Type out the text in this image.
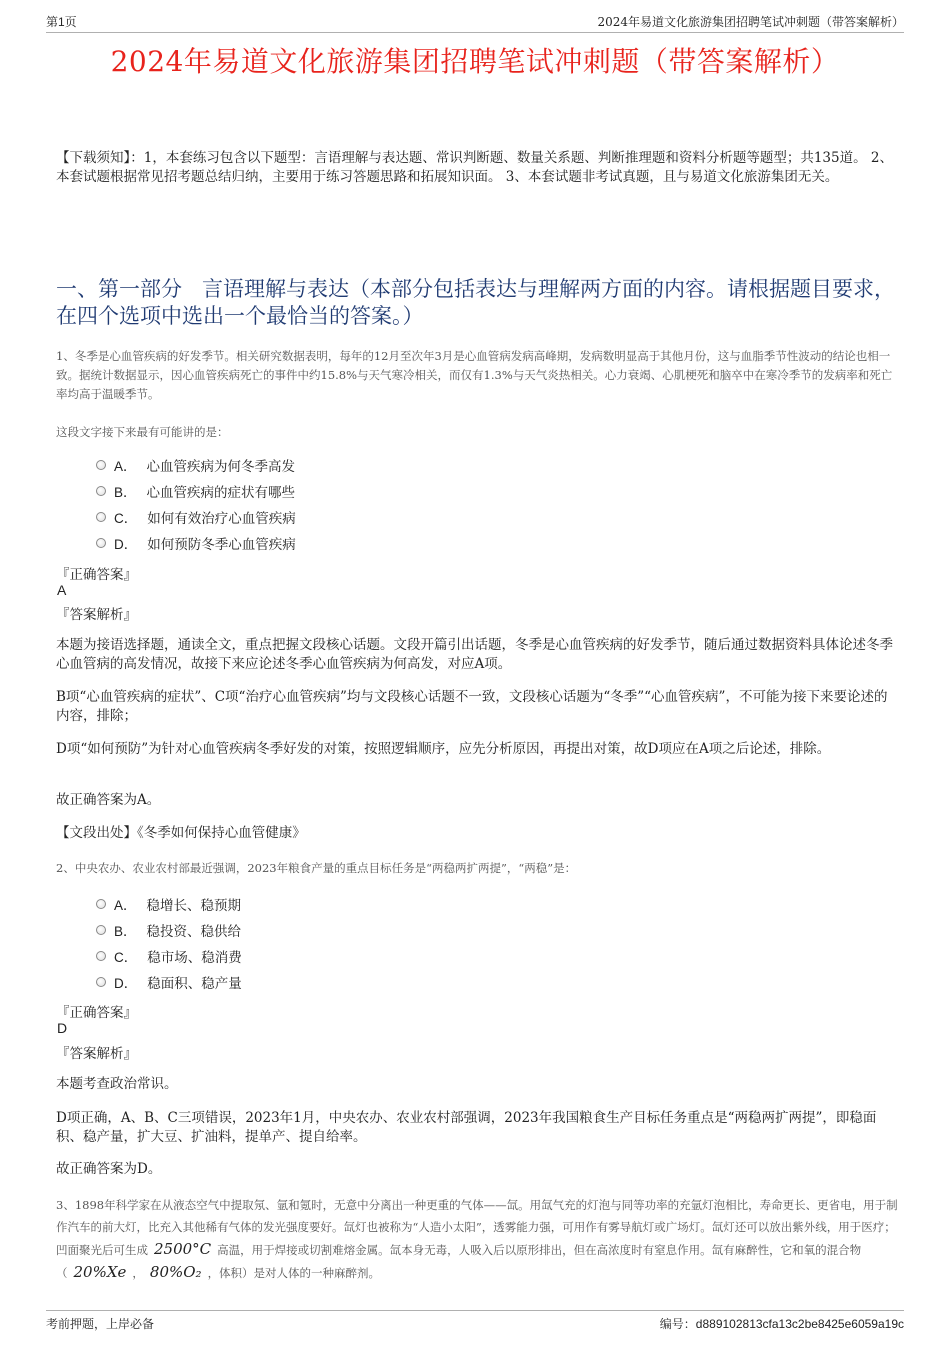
第1页	2024年易道文化旅游集团招聘笔试冲刺题（带答案解析）
2024年易道文化旅游集团招聘笔试冲刺题（带答案解析）
【下载须知】：1，本套练习包含以下题型：言语理解与表达题、常识判断题、数量关系题、判断推理题和资料分析题等题型；共135道。 2、本套试题根据常见招考题总结归纳，主要用于练习答题思路和拓展知识面。 3、本套试题非考试真题，且与易道文化旅游集团无关。
一、第一部分 言语理解与表达（本部分包括表达与理解两方面的内容。请根据题目要求，在四个选项中选出一个最恰当的答案。）
1、冬季是心血管疾病的好发季节。相关研究数据表明，每年的12月至次年3月是心血管病发病高峰期，发病数明显高于其他月份，这与血脂季节性波动的结论也相一致。据统计数据显示，因心血管疾病死亡的事件中约15.8%与天气寒冷相关，而仅有1.3%与天气炎热相关。心力衰竭、心肌梗死和脑卒中在寒冷季节的发病率和死亡率均高于温暖季节。
这段文字接下来最有可能讲的是：
A． 心血管疾病为何冬季高发
B． 心血管疾病的症状有哪些
C． 如何有效治疗心血管疾病
D． 如何预防冬季心血管疾病
『正确答案』
A
『答案解析』
本题为接语选择题，通读全文，重点把握文段核心话题。文段开篇引出话题，冬季是心血管疾病的好发季节，随后通过数据资料具体论述冬季心血管病的高发情况，故接下来应论述冬季心血管疾病为何高发，对应A项。
B项“心血管疾病的症状”、C项“治疗心血管疾病”均与文段核心话题不一致，文段核心话题为“冬季”“心血管疾病”，不可能为接下来要论述的内容，排除；
D项“如何预防”为针对心血管疾病冬季好发的对策，按照逻辑顺序，应先分析原因，再提出对策，故D项应在A项之后论述，排除。
故正确答案为A。
【文段出处】《冬季如何保持心血管健康》
2、中央农办、农业农村部最近强调，2023年粮食产量的重点目标任务是“两稳两扩两提”，“两稳”是：
A． 稳增长、稳预期
B． 稳投资、稳供给
C． 稳市场、稳消费
D． 稳面积、稳产量
『正确答案』
D
『答案解析』
本题考查政治常识。
D项正确，A、B、C三项错误，2023年1月，中央农办、农业农村部强调，2023年我国粮食生产目标任务重点是“两稳两扩两提”，即稳面积、稳产量，扩大豆、扩油料，提单产、提自给率。
故正确答案为D。
3、1898年科学家在从液态空气中提取氖、氩和氪时，无意中分离出一种更重的气体——氙。用氙气充的灯泡与同等功率的充氩灯泡相比，寿命更长、更省电，用于制作汽车的前大灯，比充入其他稀有气体的发光强度要好。氙灯也被称为“人造小太阳”，透雾能力强，可用作有雾导航灯或广场灯。氙灯还可以放出紫外线，用于医疗；凹面聚光后可生成 2500°C 高温，用于焊接或切割难熔金属。氙本身无毒，人吸入后以原形排出，但在高浓度时有窒息作用。氙有麻醉性，它和氧的混合物（ 20%Xe ， 80%O₂ ，体积）是对人体的一种麻醉剂。
考前押题，上岸必备	编号：d889102813cfa13c2be8425e6059a19c
